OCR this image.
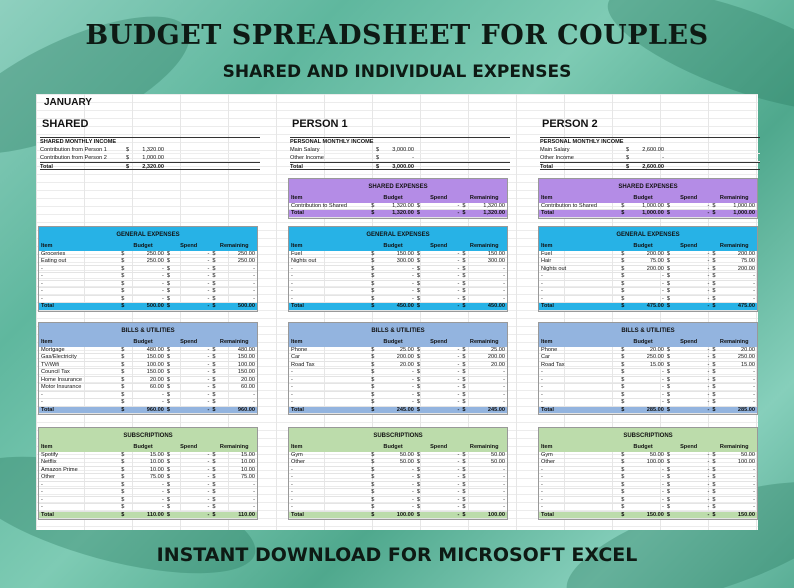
BUDGET SPREADSHEET FOR COUPLES
SHARED AND INDIVIDUAL EXPENSES
JANUARY
SHARED
SHARED MONTHLY INCOME
Contribution from Person 1	$	1,320.00
Contribution from Person 2	$	1,000.00
Total	$	2,320.00
GENERAL EXPENSES
Item	Budget	Spend	Remaining
Groceries	$	250.00 $	- $	250.00
Eating out	$	250.00 $	- $	250.00
-	$	- $	- $	-
-	$	- $	- $	-
-	$	- $	- $	-
-	$	- $	- $	-
-	$	- $	- $	-
Total	$	500.00 $	- $	500.00
BILLS & UTILITIES
Item	Budget	Spend	Remaining
Mortgage	$	480.00 $	- $	480.00
Gas/Electricity	$	150.00 $	- $	150.00
TV/Wifi	$	100.00 $	- $	100.00
Council Tax	$	150.00 $	- $	150.00
Home Insurance	$	20.00 $	- $	20.00
Motor Insurance	$	60.00 $	- $	60.00
-	$	- $	- $	-
-	$	- $	- $	-
Total	$	960.00 $	- $	960.00
SUBSCRIPTIONS
Item	Budget	Spend	Remaining
Spotify	$	15.00 $	- $	15.00
Netflix	$	10.00 $	- $	10.00
Amazon Prime	$	10.00 $	- $	10.00
Other	$	75.00 $	- $	75.00
-	$	- $	- $	-
-	$	- $	- $	-
-	$	- $	- $	-
-	$	- $	- $	-
Total	$	110.00 $	- $	110.00
PERSON 1
PERSONAL MONTHLY INCOME
Main Salary	$	3,000.00
Other Income	$	-
Total	$	3,000.00
SHARED EXPENSES
Item	Budget	Spend	Remaining
Contribution to Shared	$	1,320.00 $	- $	1,320.00
Total	$	1,320.00 $	- $	1,320.00
GENERAL EXPENSES
Item	Budget	Spend	Remaining
Fuel	$	150.00 $	- $	150.00
Nights out	$	300.00 $	- $	300.00
-	$	- $	- $	-
-	$	- $	- $	-
-	$	- $	- $	-
-	$	- $	- $	-
-	$	- $	- $	-
Total	$	450.00 $	- $	450.00
BILLS & UTILITIES
Item	Budget	Spend	Remaining
Phone	$	25.00 $	- $	25.00
Car	$	200.00 $	- $	200.00
Road Tax	$	20.00 $	- $	20.00
-	$	- $	- $	-
-	$	- $	- $	-
-	$	- $	- $	-
-	$	- $	- $	-
-	$	- $	- $	-
Total	$	245.00 $	- $	245.00
SUBSCRIPTIONS
Item	Budget	Spend	Remaining
Gym	$	50.00 $	- $	50.00
Other	$	50.00 $	- $	50.00
-	$	- $	- $	-
-	$	- $	- $	-
-	$	- $	- $	-
-	$	- $	- $	-
-	$	- $	- $	-
-	$	- $	- $	-
Total	$	100.00 $	- $	100.00
PERSON 2
PERSONAL MONTHLY INCOME
Main Salary	$	2,600.00
Other Income	$	-
Total	$	2,600.00
SHARED EXPENSES
Item	Budget	Spend	Remaining
Contribution to Shared	$	1,000.00 $	- $	1,000.00
Total	$	1,000.00 $	- $	1,000.00
GENERAL EXPENSES
Item	Budget	Spend	Remaining
Fuel	$	200.00 $	- $	200.00
Hair	$	75.00 $	- $	75.00
Nights out	$	200.00 $	- $	200.00
-	$	- $	- $	-
-	$	- $	- $	-
-	$	- $	- $	-
-	$	- $	- $	-
Total	$	475.00 $	- $	475.00
BILLS & UTILITIES
Item	Budget	Spend	Remaining
Phone	$	20.00 $	- $	20.00
Car	$	250.00 $	- $	250.00
Road Tax	$	15.00 $	- $	15.00
-	$	- $	- $	-
-	$	- $	- $	-
-	$	- $	- $	-
-	$	- $	- $	-
-	$	- $	- $	-
Total	$	285.00 $	- $	285.00
SUBSCRIPTIONS
Item	Budget	Spend	Remaining
Gym	$	50.00 $	- $	50.00
Other	$	100.00 $	- $	100.00
-	$	- $	- $	-
-	$	- $	- $	-
-	$	- $	- $	-
-	$	- $	- $	-
-	$	- $	- $	-
-	$	- $	- $	-
Total	$	150.00 $	- $	150.00
INSTANT DOWNLOAD FOR MICROSOFT EXCEL
